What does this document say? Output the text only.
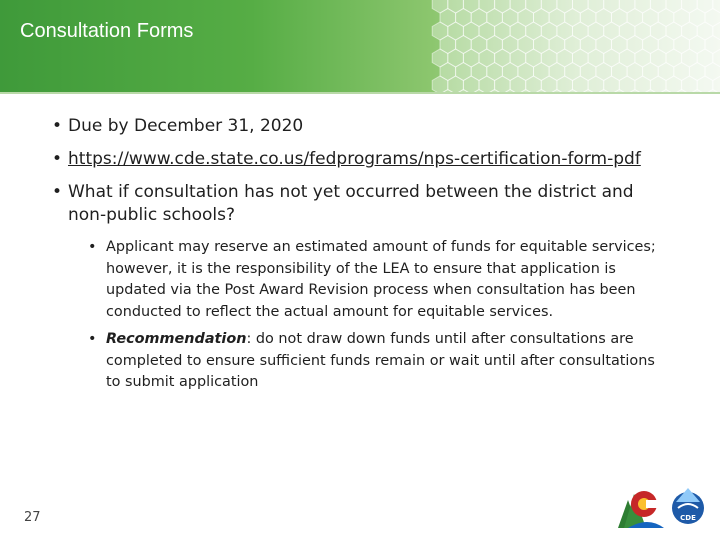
Consultation Forms
• Due by December 31, 2020
• https://www.cde.state.co.us/fedprograms/nps-certification-form-pdf
• What if consultation has not yet occurred between the district and non-public schools?
• Applicant may reserve an estimated amount of funds for equitable services; however, it is the responsibility of the LEA to ensure that application is updated via the Post Award Revision process when consultation has been conducted to reflect the actual amount for equitable services.
• Recommendation: do not draw down funds until after consultations are completed to ensure sufficient funds remain or wait until after consultations to submit application
27	CDE
